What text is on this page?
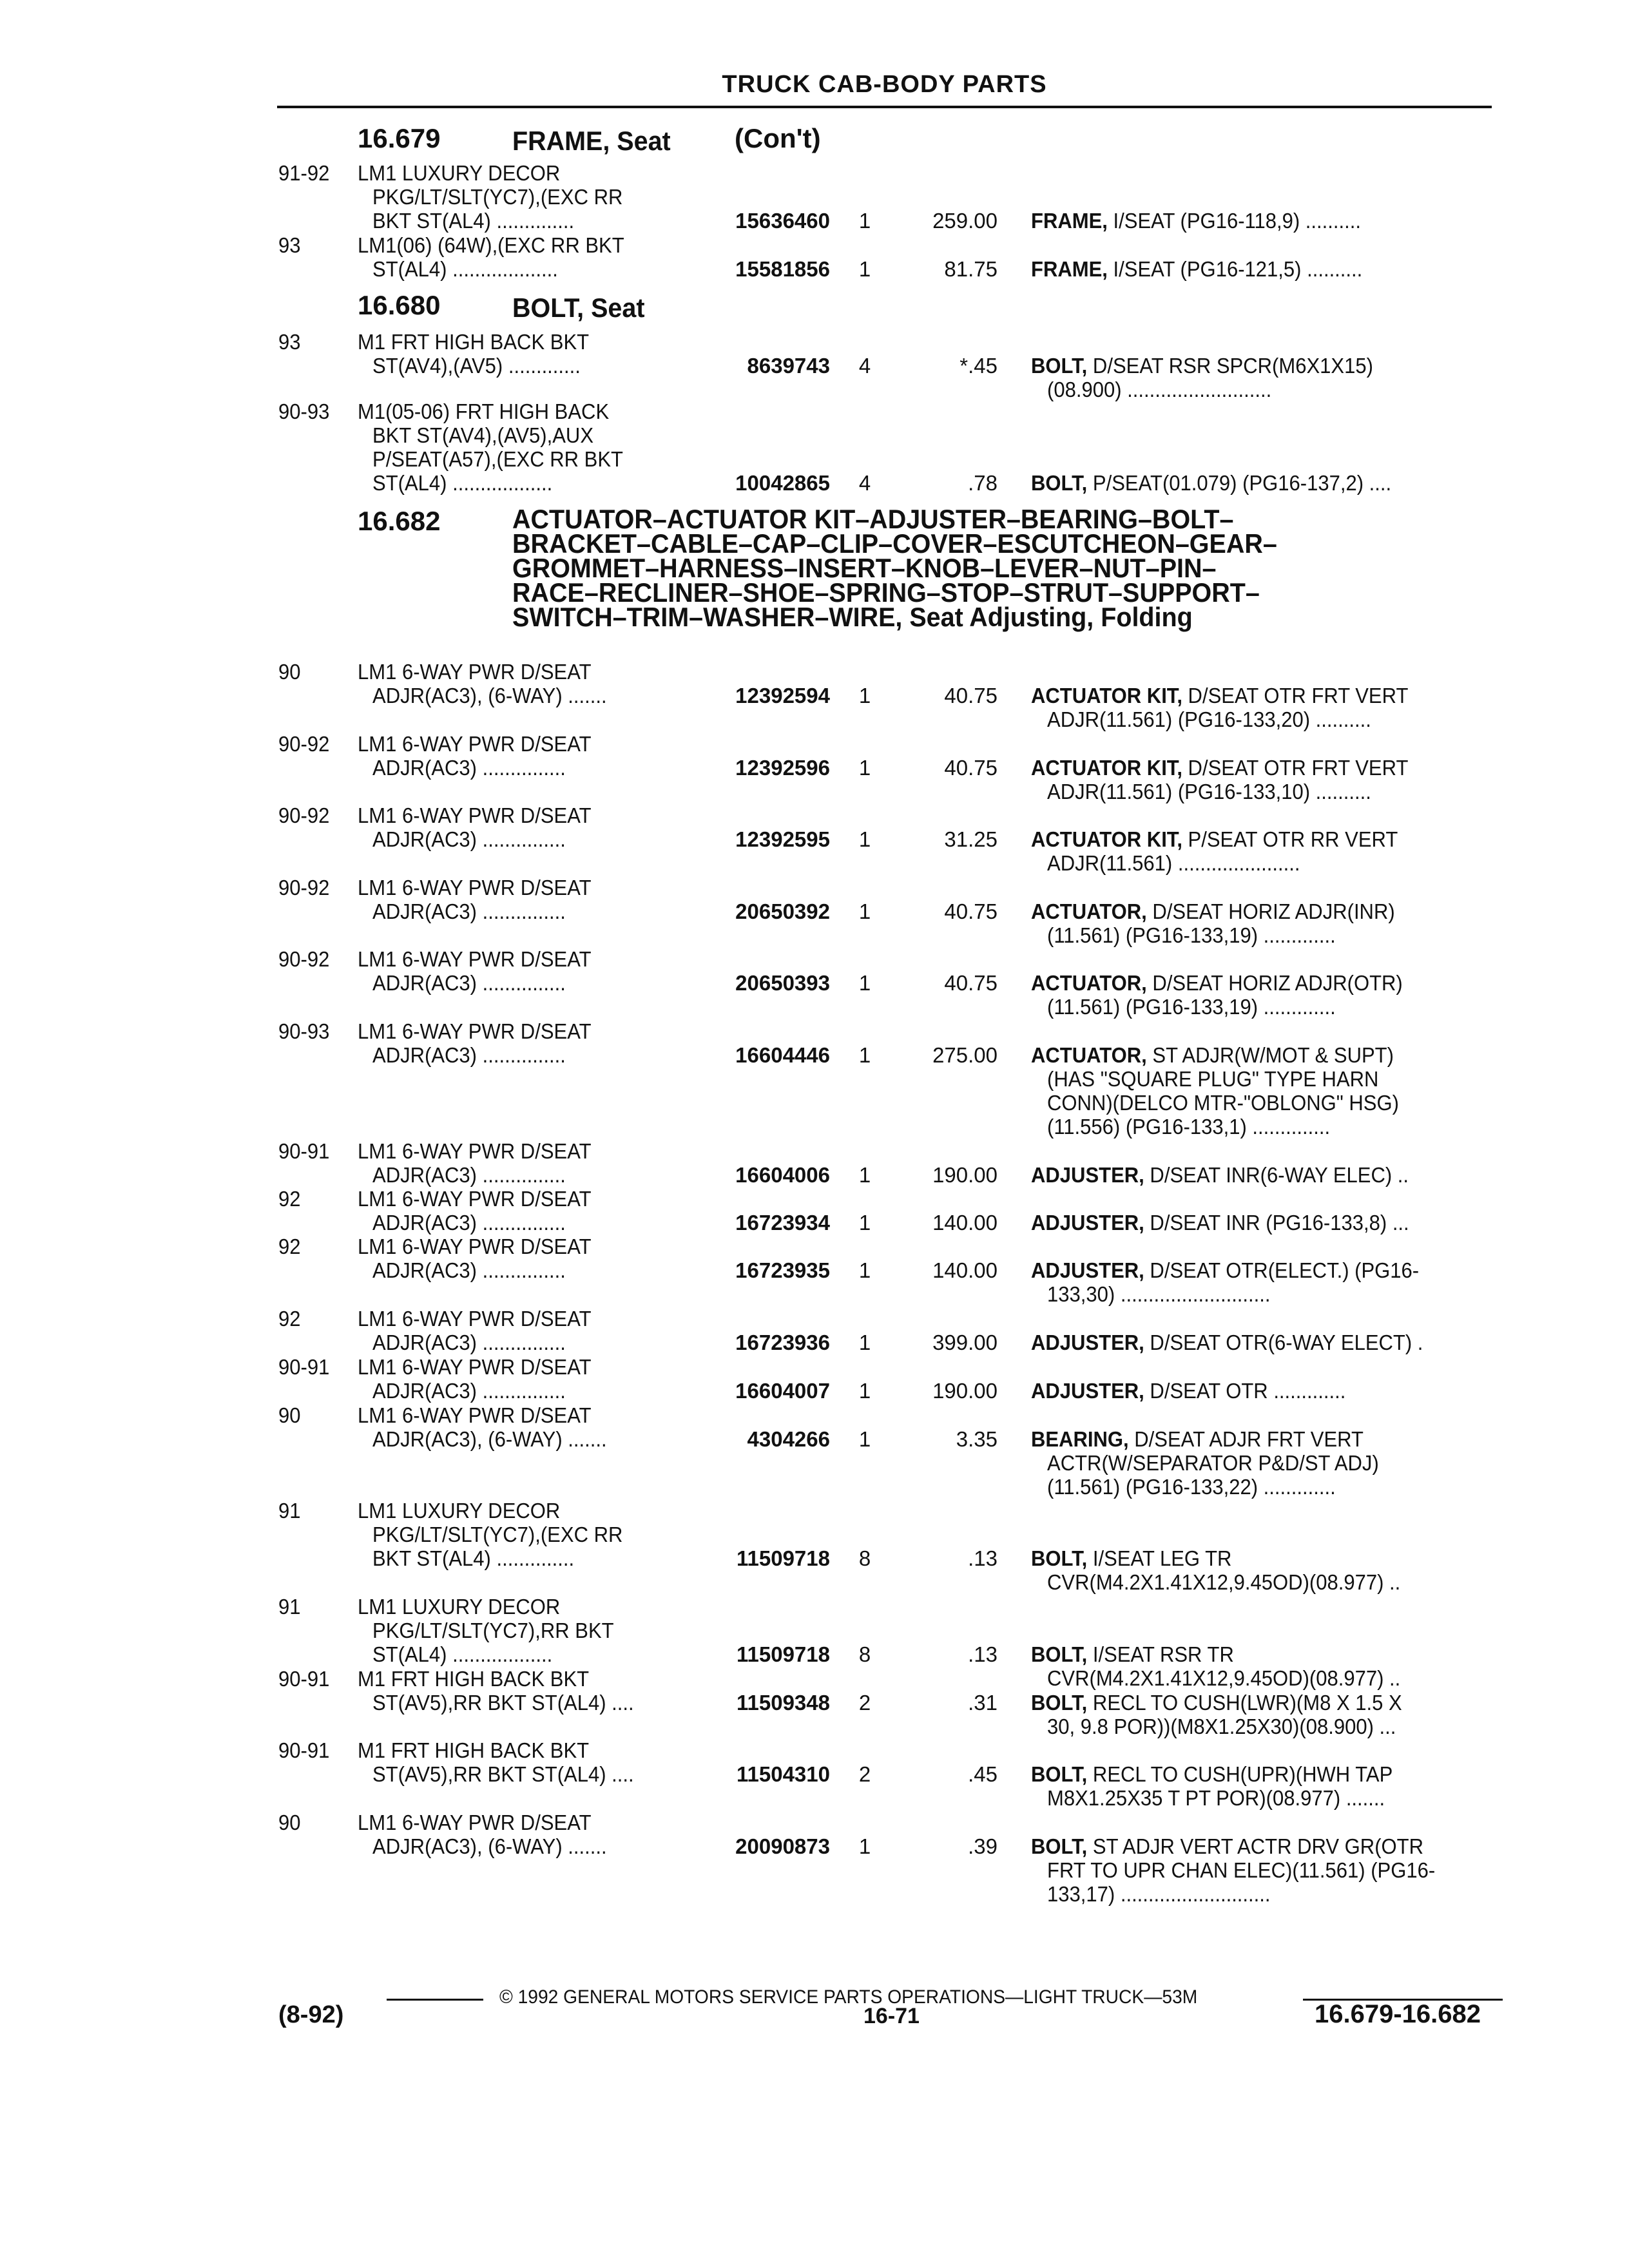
TRUCK CAB-BODY PARTS
16.679	FRAME, Seat (Con't)
16.680	BOLT, Seat
16.682	ACTUATOR–ACTUATOR KIT–ADJUSTER–BEARING–BOLT–
BRACKET–CABLE–CAP–CLIP–COVER–ESCUTCHEON–GEAR–
GROMMET–HARNESS–INSERT–KNOB–LEVER–NUT–PIN–
RACE–RECLINER–SHOE–SPRING–STOP–STRUT–SUPPORT–
SWITCH–TRIM–WASHER–WIRE, Seat Adjusting, Folding
91-92 LM1 LUXURY DECOR
PKG/LT/SLT(YC7),(EXC RR
BKT ST(AL4) ..............	15636460	1	259.00 FRAME, I/SEAT (PG16-118,9) ..........
93	LM1(06) (64W),(EXC RR BKT
ST(AL4) ...................	15581856	1	81.75 FRAME, I/SEAT (PG16-121,5) ..........
93	M1 FRT HIGH BACK BKT
ST(AV4),(AV5) .............	8639743	4	*.45 BOLT, D/SEAT RSR SPCR(M6X1X15)
(08.900) ..........................
90-93 M1(05-06) FRT HIGH BACK
BKT ST(AV4),(AV5),AUX
P/SEAT(A57),(EXC RR BKT
ST(AL4) ..................	10042865	4	.78 BOLT, P/SEAT(01.079) (PG16-137,2) ....
90	LM1 6-WAY PWR D/SEAT
ADJR(AC3), (6-WAY) .......	12392594	1	40.75 ACTUATOR KIT, D/SEAT OTR FRT VERT
ADJR(11.561) (PG16-133,20) ..........
90-92 LM1 6-WAY PWR D/SEAT
ADJR(AC3) ...............	12392596	1	40.75 ACTUATOR KIT, D/SEAT OTR FRT VERT
ADJR(11.561) (PG16-133,10) ..........
90-92 LM1 6-WAY PWR D/SEAT
ADJR(AC3) ...............	12392595	1	31.25 ACTUATOR KIT, P/SEAT OTR RR VERT
ADJR(11.561) ......................
90-92 LM1 6-WAY PWR D/SEAT
ADJR(AC3) ...............	20650392	1	40.75 ACTUATOR, D/SEAT HORIZ ADJR(INR)
(11.561) (PG16-133,19) .............
90-92 LM1 6-WAY PWR D/SEAT
ADJR(AC3) ...............	20650393	1	40.75 ACTUATOR, D/SEAT HORIZ ADJR(OTR)
(11.561) (PG16-133,19) .............
90-93 LM1 6-WAY PWR D/SEAT
ADJR(AC3) ...............	16604446	1	275.00 ACTUATOR, ST ADJR(W/MOT & SUPT)
(HAS "SQUARE PLUG" TYPE HARN
CONN)(DELCO MTR-"OBLONG" HSG)
(11.556) (PG16-133,1) ..............
90-91 LM1 6-WAY PWR D/SEAT
ADJR(AC3) ...............	16604006	1	190.00 ADJUSTER, D/SEAT INR(6-WAY ELEC) ..
92	LM1 6-WAY PWR D/SEAT
ADJR(AC3) ...............	16723934	1	140.00 ADJUSTER, D/SEAT INR (PG16-133,8) ...
92	LM1 6-WAY PWR D/SEAT
ADJR(AC3) ...............	16723935	1	140.00 ADJUSTER, D/SEAT OTR(ELECT.) (PG16-
133,30) ...........................
92	LM1 6-WAY PWR D/SEAT
ADJR(AC3) ...............	16723936	1	399.00 ADJUSTER, D/SEAT OTR(6-WAY ELECT) .
90-91 LM1 6-WAY PWR D/SEAT
ADJR(AC3) ...............	16604007	1	190.00 ADJUSTER, D/SEAT OTR .............
90	LM1 6-WAY PWR D/SEAT
ADJR(AC3), (6-WAY) .......	4304266	1	3.35 BEARING, D/SEAT ADJR FRT VERT
ACTR(W/SEPARATOR P&D/ST ADJ)
(11.561) (PG16-133,22) .............
91	LM1 LUXURY DECOR
PKG/LT/SLT(YC7),(EXC RR
BKT ST(AL4) ..............	11509718	8	.13 BOLT, I/SEAT LEG TR
CVR(M4.2X1.41X12,9.45OD)(08.977) ..
91	LM1 LUXURY DECOR
PKG/LT/SLT(YC7),RR BKT
ST(AL4) ..................	11509718	8	.13 BOLT, I/SEAT RSR TR
CVR(M4.2X1.41X12,9.45OD)(08.977) ..
90-91 M1 FRT HIGH BACK BKT
ST(AV5),RR BKT ST(AL4) ....	11509348	2	.31 BOLT, RECL TO CUSH(LWR)(M8 X 1.5 X
30, 9.8 POR))(M8X1.25X30)(08.900) ...
90-91 M1 FRT HIGH BACK BKT
ST(AV5),RR BKT ST(AL4) ....	11504310	2	.45 BOLT, RECL TO CUSH(UPR)(HWH TAP
M8X1.25X35 T PT POR)(08.977) .......
90	LM1 6-WAY PWR D/SEAT
ADJR(AC3), (6-WAY) .......	20090873	1	.39 BOLT, ST ADJR VERT ACTR DRV GR(OTR
FRT TO UPR CHAN ELEC)(11.561) (PG16-
133,17) ...........................
© 1992 GENERAL MOTORS SERVICE PARTS OPERATIONS—LIGHT TRUCK—53M
(8-92)	16-71	16.679-16.682
